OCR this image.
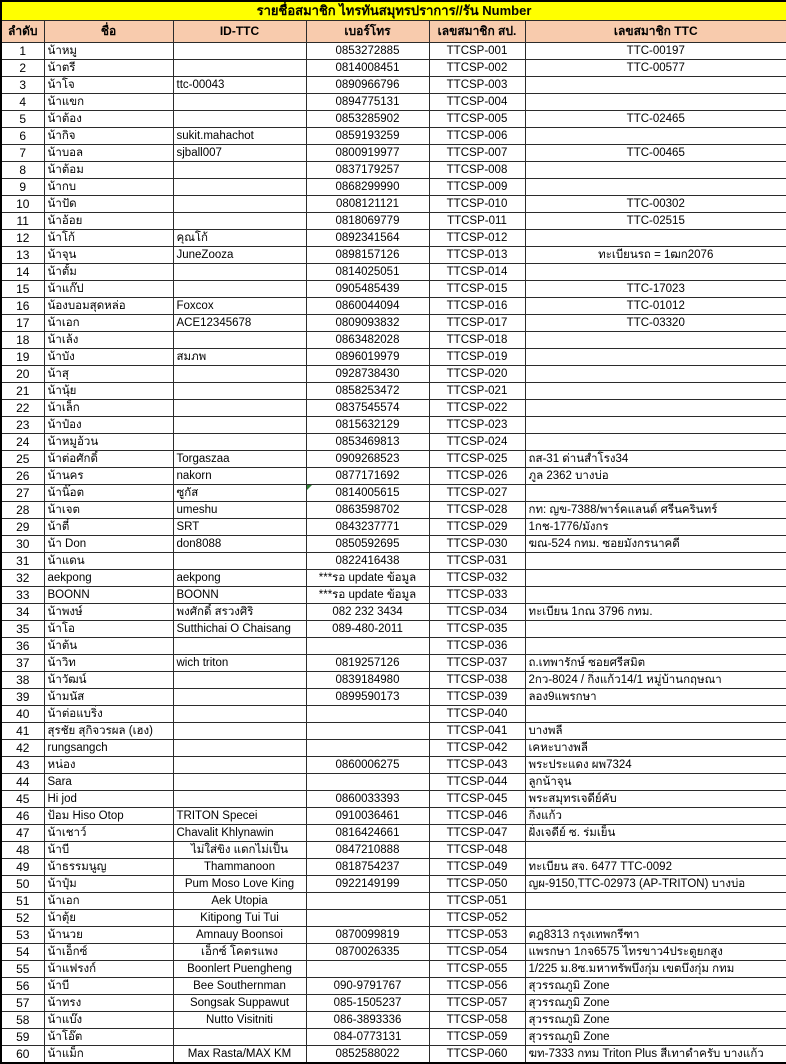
รายชื่อสมาชิก ไทรทันสมุทรปราการ//รัน Number					
ลำดับ	ชื่อ	ID-TTC	เบอร์โทร	เลขสมาชิก สป.	เลขสมาชิก TTC
1	น้าหมู		0853272885	TTCSP-001	TTC-00197
2	น้าตรี		0814008451	TTCSP-002	TTC-00577
3	น้าโจ	ttc-00043	0890966796	TTCSP-003	
4	น้าแขก		0894775131	TTCSP-004	
5	น้าต้อง		0853285902	TTCSP-005	TTC-02465
6	น้ากิจ	sukit.mahachot	0859193259	TTCSP-006	
7	น้าบอล	sjball007	0800919977	TTCSP-007	TTC-00465
8	น้าต้อม		0837179257	TTCSP-008	
9	น้ากบ		0868299990	TTCSP-009	
10	น้าปัด		0808121121	TTCSP-010	TTC-00302
11	น้าอ้อย		0818069779	TTCSP-011	TTC-02515
12	น้าโก้	คุณโก้	0892341564	TTCSP-012	
13	น้าจุน	JuneZooza	0898157126	TTCSP-013	ทะเบียนรถ = 1ฒก2076
14	น้าตั้ม		0814025051	TTCSP-014	
15	น้าแก๊ป		0905485439	TTCSP-015	TTC-17023
16	น้องบอมสุดหล่อ	Foxcox	0860044094	TTCSP-016	TTC-01012
17	น้าเอก	ACE12345678	0809093832	TTCSP-017	TTC-03320
18	น้าเล้ง		0863482028	TTCSP-018	
19	น้าบัง	สมภพ	0896019979	TTCSP-019	
20	น้าสุ		0928738430	TTCSP-020	
21	น้านุ้ย		0858253472	TTCSP-021	
22	น้าเล็ก		0837545574	TTCSP-022	
23	น้าป๋อง		0815632129	TTCSP-023	
24	น้าหมูอ้วน		0853469813	TTCSP-024	
25	น้าต่อศักดิ์	Torgaszaa	0909268523	TTCSP-025	ถส-31 ด่านสำโรง34
26	น้านคร	nakorn	0877171692	TTCSP-026	ภูล 2362 บางบ่อ
27	น้านิ๊อต	ซูกัส	0814005615	TTCSP-027	
28	น้าเจต	umeshu	0863598702	TTCSP-028	กท: ญข-7388/พาร์คแลนด์ ศรีนครินทร์
29	น้าตี๋	SRT	0843237771	TTCSP-029	1กช-1776/มังกร
30	น้า Don	don8088	0850592695	TTCSP-030	ฆณ-524 กทม. ซอยมังกรนาคดี
31	น้าแดน		0822416438	TTCSP-031	
32	aekpong	aekpong	***รอ update ข้อมูล	TTCSP-032	
33	BOONN	BOONN	***รอ update ข้อมูล	TTCSP-033	
34	น้าพงษ์	พงศักดิ์ สรวงศิริ	082 232 3434	TTCSP-034	ทะเบียน 1กณ 3796 กทม.
35	น้าโอ	Sutthichai O Chaisang	089-480-2011	TTCSP-035	
36	น้าต้น			TTCSP-036	
37	น้าวิท	wich triton	0819257126	TTCSP-037	ถ.เทพารักษ์ ซอยศรีสมิต
38	น้าวัฒน์		0839184980	TTCSP-038	2กว-8024 / กิ่งแก้ว14/1 หมู่บ้านกฤษณา
39	น้ามนัส		0899590173	TTCSP-039	ลอง9แพรกษา
40	น้าต่อแบริ่ง			TTCSP-040	
41	สุรชัย สุกิจวรผล (เฮง)			TTCSP-041	บางพลี
42	rungsangch			TTCSP-042	เคหะบางพลี
43	หน่อง		0860006275	TTCSP-043	พระประแดง ผพ7324
44	Sara			TTCSP-044	ลูกน้าจุน
45	Hi jod		0860033393	TTCSP-045	พระสมุทรเจดีย์คับ
46	ป้อม Hiso Otop	TRITON Specei	0910036461	TTCSP-046	กิ่งแก้ว
47	น้าเชาว์	Chavalit Khlynawin	0816424661	TTCSP-047	ฝั่งเจดีย์ ซ. ร่มเย็น
48	น้าบี	ไม่ใส่ขิง แดกไม่เป็น	0847210888	TTCSP-048	
49	น้าธรรมนูญ	Thammanoon	0818754237	TTCSP-049	ทะเบียน สจ. 6477 TTC-0092
50	น้าปุ๋ม	Pum Moso Love King	0922149199	TTCSP-050	ญผ-9150,TTC-02973 (AP-TRITON) บางบ่อ
51	น้าเอก	Aek Utopia		TTCSP-051	
52	น้าตุ้ย	Kitipong Tui Tui		TTCSP-052	
53	น้านวย	Amnauy Boonsoi	0870099819	TTCSP-053	ตฎ8313 กรุงเทพกรีฑา
54	น้าเอ็กซ์	เอ็กซ์ โคตรแพง	0870026335	TTCSP-054	แพรกษา 1กจ6575 ไทรขาว4ประตูยกสูง
55	น้าแฟรงก์	Boonlert Puengheng		TTCSP-055	1/225 ม.8ซ.มหาทรัพบึงกุ่ม เขตบึงกุ่ม กทม
56	น้าบี	Bee Southernman	090-9791767	TTCSP-056	สุวรรณภูมิ Zone
57	น้าทรง	Songsak Suppawut	085-1505237	TTCSP-057	สุวรรณภูมิ Zone
58	น้าแบ๊ง	Nutto Visitniti	086-3893336	TTCSP-058	สุวรรณภูมิ Zone
59	น้าโอ๊ต		084-0773131	TTCSP-059	สุวรรณภูมิ Zone
60	น้าแม็ก	Max Rasta/MAX KM	0852588022	TTCSP-060	ฆท-7333 กทม Triton Plus สีเทาดำครับ บางแก้ว
